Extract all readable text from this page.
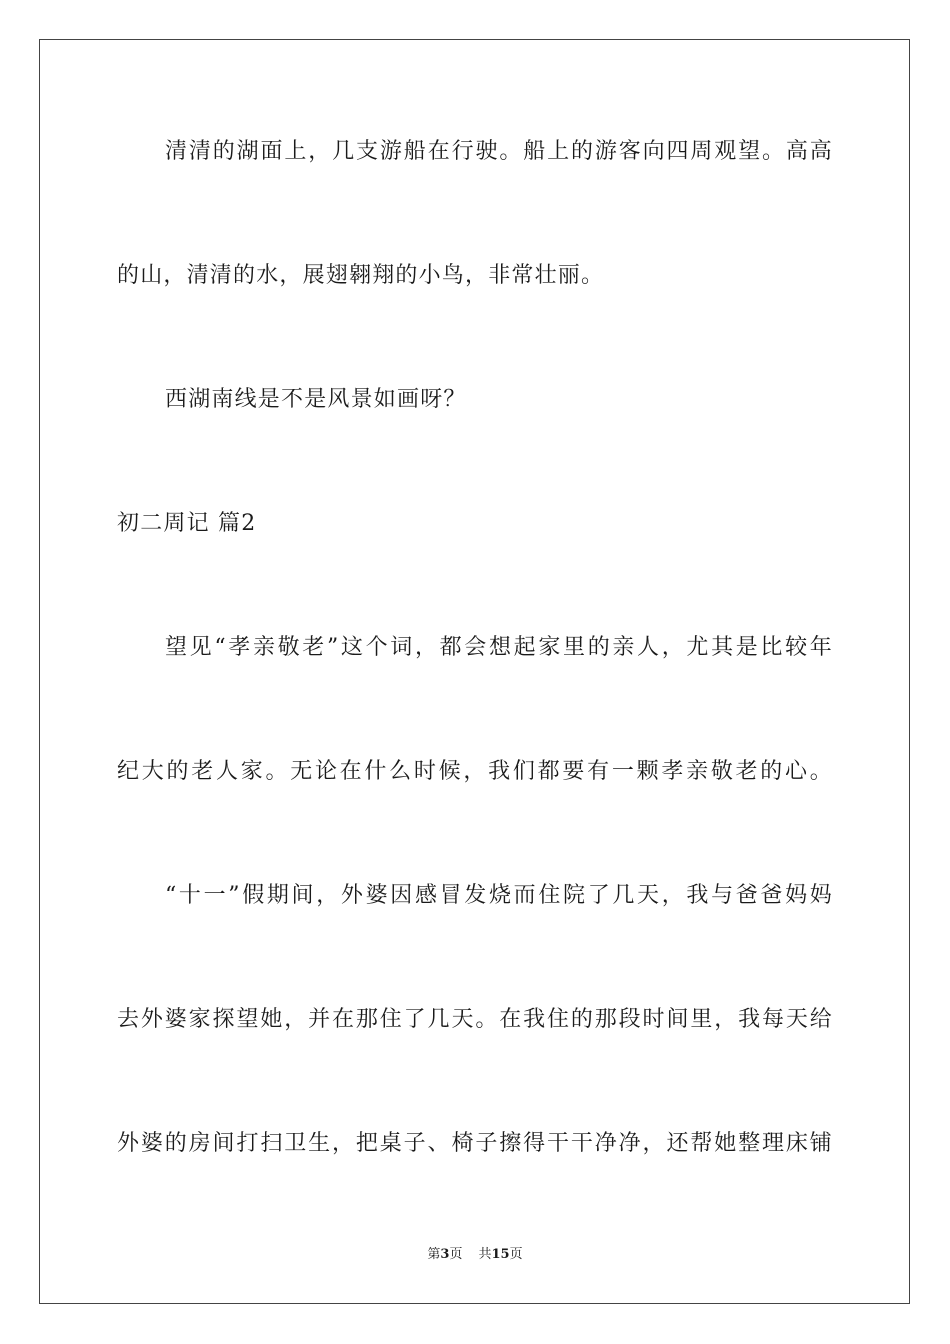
清清的湖面上，几支游船在行驶。船上的游客向四周观望。高高
的山，清清的水，展翅翱翔的小鸟，非常壮丽。
西湖南线是不是风景如画呀？
初二周记 篇2
望见“孝亲敬老”这个词，都会想起家里的亲人，尤其是比较年
纪大的老人家。无论在什么时候，我们都要有一颗孝亲敬老的心。
“十一”假期间，外婆因感冒发烧而住院了几天，我与爸爸妈妈
去外婆家探望她，并在那住了几天。在我住的那段时间里，我每天给
外婆的房间打扫卫生，把桌子、椅子擦得干干净净，还帮她整理床铺
第3页 共15页
